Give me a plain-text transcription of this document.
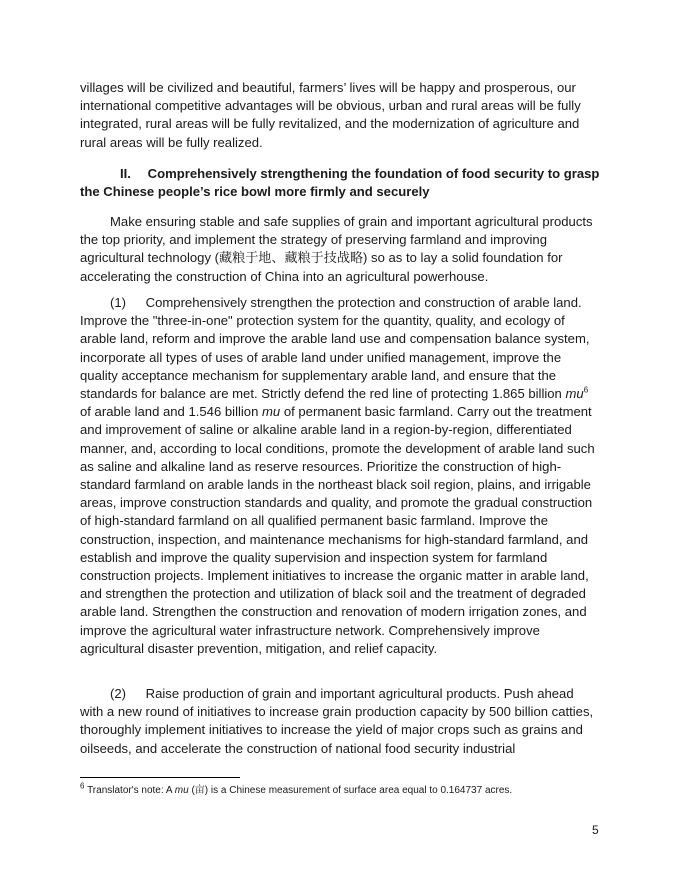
villages will be civilized and beautiful, farmers’ lives will be happy and prosperous, our international competitive advantages will be obvious, urban and rural areas will be fully integrated, rural areas will be fully revitalized, and the modernization of agriculture and rural areas will be fully realized.

II. Comprehensively strengthening the foundation of food security to grasp the Chinese people’s rice bowl more firmly and securely

Make ensuring stable and safe supplies of grain and important agricultural products the top priority, and implement the strategy of preserving farmland and improving agricultural technology (藏粮于地、藏粮于技战略) so as to lay a solid foundation for accelerating the construction of China into an agricultural powerhouse.

(1) Comprehensively strengthen the protection and construction of arable land. Improve the "three-in-one" protection system for the quantity, quality, and ecology of arable land, reform and improve the arable land use and compensation balance system, incorporate all types of uses of arable land under unified management, improve the quality acceptance mechanism for supplementary arable land, and ensure that the standards for balance are met. Strictly defend the red line of protecting 1.865 billion $mu^6$ of arable land and 1.546 billion mu of permanent basic farmland. Carry out the treatment and improvement of saline or alkaline arable land in a region-by-region, differentiated manner, and, according to local conditions, promote the development of arable land such as saline and alkaline land as reserve resources. Prioritize the construction of high-standard farmland on arable lands in the northeast black soil region, plains, and irrigable areas, improve construction standards and quality, and promote the gradual construction of high-standard farmland on all qualified permanent basic farmland. Improve the construction, inspection, and maintenance mechanisms for high-standard farmland, and establish and improve the quality supervision and inspection system for farmland construction projects. Implement initiatives to increase the organic matter in arable land, and strengthen the protection and utilization of black soil and the treatment of degraded arable land. Strengthen the construction and renovation of modern irrigation zones, and improve the agricultural water infrastructure network. Comprehensively improve agricultural disaster prevention, mitigation, and relief capacity.

(2) Raise production of grain and important agricultural products. Push ahead with a new round of initiatives to increase grain production capacity by 500 billion catties, thoroughly implement initiatives to increase the yield of major crops such as grains and oilseeds, and accelerate the construction of national food security industrial

$^6$ Translator's note: A mu (亩) is a Chinese measurement of surface area equal to 0.164737 acres.

5
